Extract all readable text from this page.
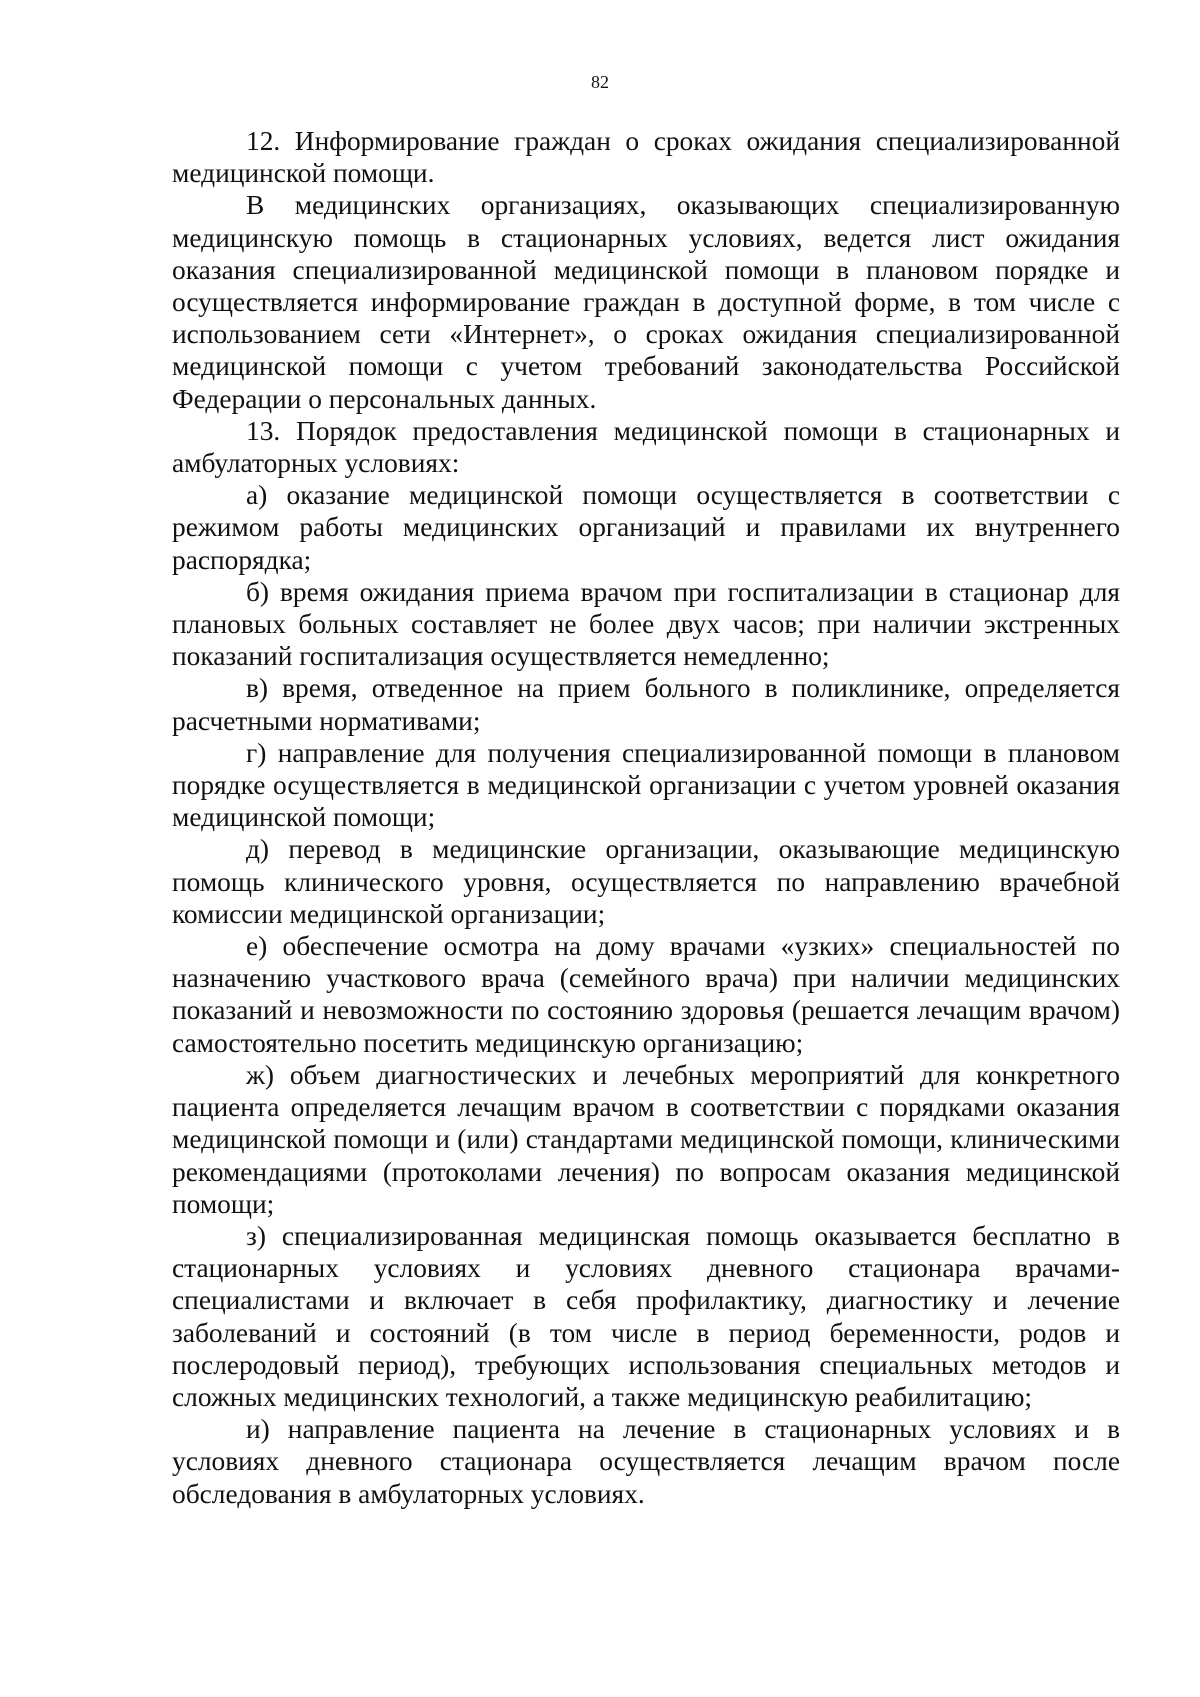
82

12. Информирование граждан о сроках ожидания специализированной медицинской помощи.

В медицинских организациях, оказывающих специализированную медицинскую помощь в стационарных условиях, ведется лист ожидания оказания специализированной медицинской помощи в плановом порядке и осуществляется информирование граждан в доступной форме, в том числе с использованием сети «Интернет», о сроках ожидания специализированной медицинской помощи с учетом требований законодательства Российской Федерации о персональных данных.

13. Порядок предоставления медицинской помощи в стационарных и амбулаторных условиях:

а) оказание медицинской помощи осуществляется в соответствии с режимом работы медицинских организаций и правилами их внутреннего распорядка;

б) время ожидания приема врачом при госпитализации в стационар для плановых больных составляет не более двух часов; при наличии экстренных показаний госпитализация осуществляется немедленно;

в) время, отведенное на прием больного в поликлинике, определяется расчетными нормативами;

г) направление для получения специализированной помощи в плановом порядке осуществляется в медицинской организации с учетом уровней оказания медицинской помощи;

д) перевод в медицинские организации, оказывающие медицинскую помощь клинического уровня, осуществляется по направлению врачебной комиссии медицинской организации;

е) обеспечение осмотра на дому врачами «узких» специальностей по назначению участкового врача (семейного врача) при наличии медицинских показаний и невозможности по состоянию здоровья (решается лечащим врачом) самостоятельно посетить медицинскую организацию;

ж) объем диагностических и лечебных мероприятий для конкретного пациента определяется лечащим врачом в соответствии с порядками оказания медицинской помощи и (или) стандартами медицинской помощи, клиническими рекомендациями (протоколами лечения) по вопросам оказания медицинской помощи;

з) специализированная медицинская помощь оказывается бесплатно в стационарных условиях и условиях дневного стационара врачами-специалистами и включает в себя профилактику, диагностику и лечение заболеваний и состояний (в том числе в период беременности, родов и послеродовый период), требующих использования специальных методов и сложных медицинских технологий, а также медицинскую реабилитацию;

и) направление пациента на лечение в стационарных условиях и в условиях дневного стационара осуществляется лечащим врачом после обследования в амбулаторных условиях.
